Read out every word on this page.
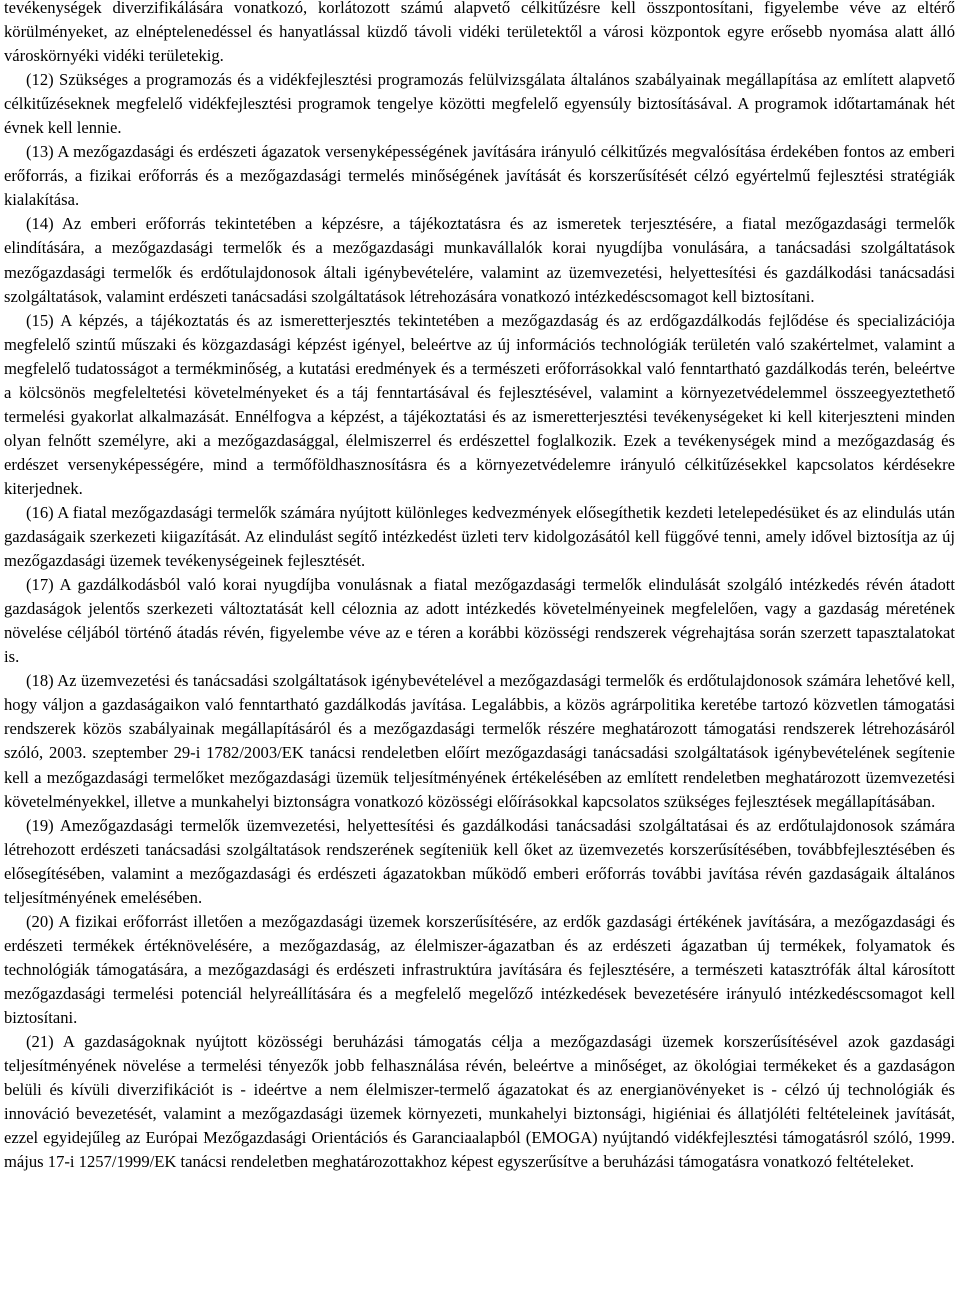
tevékenységek diverzifikálására vonatkozó, korlátozott számú alapvető célkitűzésre kell összpontosítani, figyelembe véve az eltérő körülményeket, az elnéptelenedéssel és hanyatlással küzdő távoli vidéki területektől a városi központok egyre erősebb nyomása alatt álló városkörnyéki vidéki területekig.

(12) Szükséges a programozás és a vidékfejlesztési programozás felülvizsgálata általános szabályainak megállapítása az említett alapvető célkitűzéseknek megfelelő vidékfejlesztési programok tengelye közötti megfelelő egyensúly biztosításával. A programok időtartamának hét évnek kell lennie.

(13) A mezőgazdasági és erdészeti ágazatok versenyképességének javítására irányuló célkitűzés megvalósítása érdekében fontos az emberi erőforrás, a fizikai erőforrás és a mezőgazdasági termelés minőségének javítását és korszerűsítését célzó egyértelmű fejlesztési stratégiák kialakítása.

(14) Az emberi erőforrás tekintetében a képzésre, a tájékoztatásra és az ismeretek terjesztésére, a fiatal mezőgazdasági termelők elindítására, a mezőgazdasági termelők és a mezőgazdasági munkavállalók korai nyugdíjba vonulására, a tanácsadási szolgáltatások mezőgazdasági termelők és erdőtulajdonosok általi igénybevételére, valamint az üzemvezetési, helyettesítési és gazdálkodási tanácsadási szolgáltatások, valamint erdészeti tanácsadási szolgáltatások létrehozására vonatkozó intézkedéscsomagot kell biztosítani.

(15) A képzés, a tájékoztatás és az ismeretterjesztés tekintetében a mezőgazdaság és az erdőgazdálkodás fejlődése és specializációja megfelelő szintű műszaki és közgazdasági képzést igényel, beleértve az új információs technológiák területén való szakértelmet, valamint a megfelelő tudatosságot a termékminőség, a kutatási eredmények és a természeti erőforrásokkal való fenntartható gazdálkodás terén, beleértve a kölcsönös megfeleltetési követelményeket és a táj fenntartásával és fejlesztésével, valamint a környezetvédelemmel összeegyeztethető termelési gyakorlat alkalmazását. Ennélfogva a képzést, a tájékoztatási és az ismeretterjesztési tevékenységeket ki kell kiterjeszteni minden olyan felnőtt személyre, aki a mezőgazdasággal, élelmiszerrel és erdészettel foglalkozik. Ezek a tevékenységek mind a mezőgazdaság és erdészet versenyképességére, mind a termőföldhasznosításra és a környezetvédelemre irányuló célkitűzésekkel kapcsolatos kérdésekre kiterjednek.

(16) A fiatal mezőgazdasági termelők számára nyújtott különleges kedvezmények elősegíthetik kezdeti letelepedésüket és az elindulás után gazdaságaik szerkezeti kiigazítását. Az elindulást segítő intézkedést üzleti terv kidolgozásától kell függővé tenni, amely idővel biztosítja az új mezőgazdasági üzemek tevékenységeinek fejlesztését.

(17) A gazdálkodásból való korai nyugdíjba vonulásnak a fiatal mezőgazdasági termelők elindulását szolgáló intézkedés révén átadott gazdaságok jelentős szerkezeti változtatását kell céloznia az adott intézkedés követelményeinek megfelelően, vagy a gazdaság méretének növelése céljából történő átadás révén, figyelembe véve az e téren a korábbi közösségi rendszerek végrehajtása során szerzett tapasztalatokat is.

(18) Az üzemvezetési és tanácsadási szolgáltatások igénybevételével a mezőgazdasági termelők és erdőtulajdonosok számára lehetővé kell, hogy váljon a gazdaságaikon való fenntartható gazdálkodás javítása. Legalábbis, a közös agrárpolitika keretébe tartozó közvetlen támogatási rendszerek közös szabályainak megállapításáról és a mezőgazdasági termelők részére meghatározott támogatási rendszerek létrehozásáról szóló, 2003. szeptember 29-i 1782/2003/EK tanácsi rendeletben előírt mezőgazdasági tanácsadási szolgáltatások igénybevételének segítenie kell a mezőgazdasági termelőket mezőgazdasági üzemük teljesítményének értékelésében az említett rendeletben meghatározott üzemvezetési követelményekkel, illetve a munkahelyi biztonságra vonatkozó közösségi előírásokkal kapcsolatos szükséges fejlesztések megállapításában.

(19) Amezőgazdasági termelők üzemvezetési, helyettesítési és gazdálkodási tanácsadási szolgáltatásai és az erdőtulajdonosok számára létrehozott erdészeti tanácsadási szolgáltatások rendszerének segíteniük kell őket az üzemvezetés korszerűsítésében, továbbfejlesztésében és elősegítésében, valamint a mezőgazdasági és erdészeti ágazatokban működő emberi erőforrás további javítása révén gazdaságaik általános teljesítményének emelésében.

(20) A fizikai erőforrást illetően a mezőgazdasági üzemek korszerűsítésére, az erdők gazdasági értékének javítására, a mezőgazdasági és erdészeti termékek értéknövelésére, a mezőgazdaság, az élelmiszer-ágazatban és az erdészeti ágazatban új termékek, folyamatok és technológiák támogatására, a mezőgazdasági és erdészeti infrastruktúra javítására és fejlesztésére, a természeti katasztrófák által károsított mezőgazdasági termelési potenciál helyreállítására és a megfelelő megelőző intézkedések bevezetésére irányuló intézkedéscsomagot kell biztosítani.

(21) A gazdaságoknak nyújtott közösségi beruházási támogatás célja a mezőgazdasági üzemek korszerűsítésével azok gazdasági teljesítményének növelése a termelési tényezők jobb felhasználása révén, beleértve a minőséget, az ökológiai termékeket és a gazdaságon belüli és kívüli diverzifikációt is - ideértve a nem élelmiszer-termelő ágazatokat és az energianövényeket is - célzó új technológiák és innováció bevezetését, valamint a mezőgazdasági üzemek környezeti, munkahelyi biztonsági, higiéniai és állatjóléti feltételeinek javítását, ezzel egyidejűleg az Európai Mezőgazdasági Orientációs és Garanciaalapból (EMOGA) nyújtandó vidékfejlesztési támogatásról szóló, 1999. május 17-i 1257/1999/EK tanácsi rendeletben meghatározottakhoz képest egyszerűsítve a beruházási támogatásra vonatkozó feltételeket.
